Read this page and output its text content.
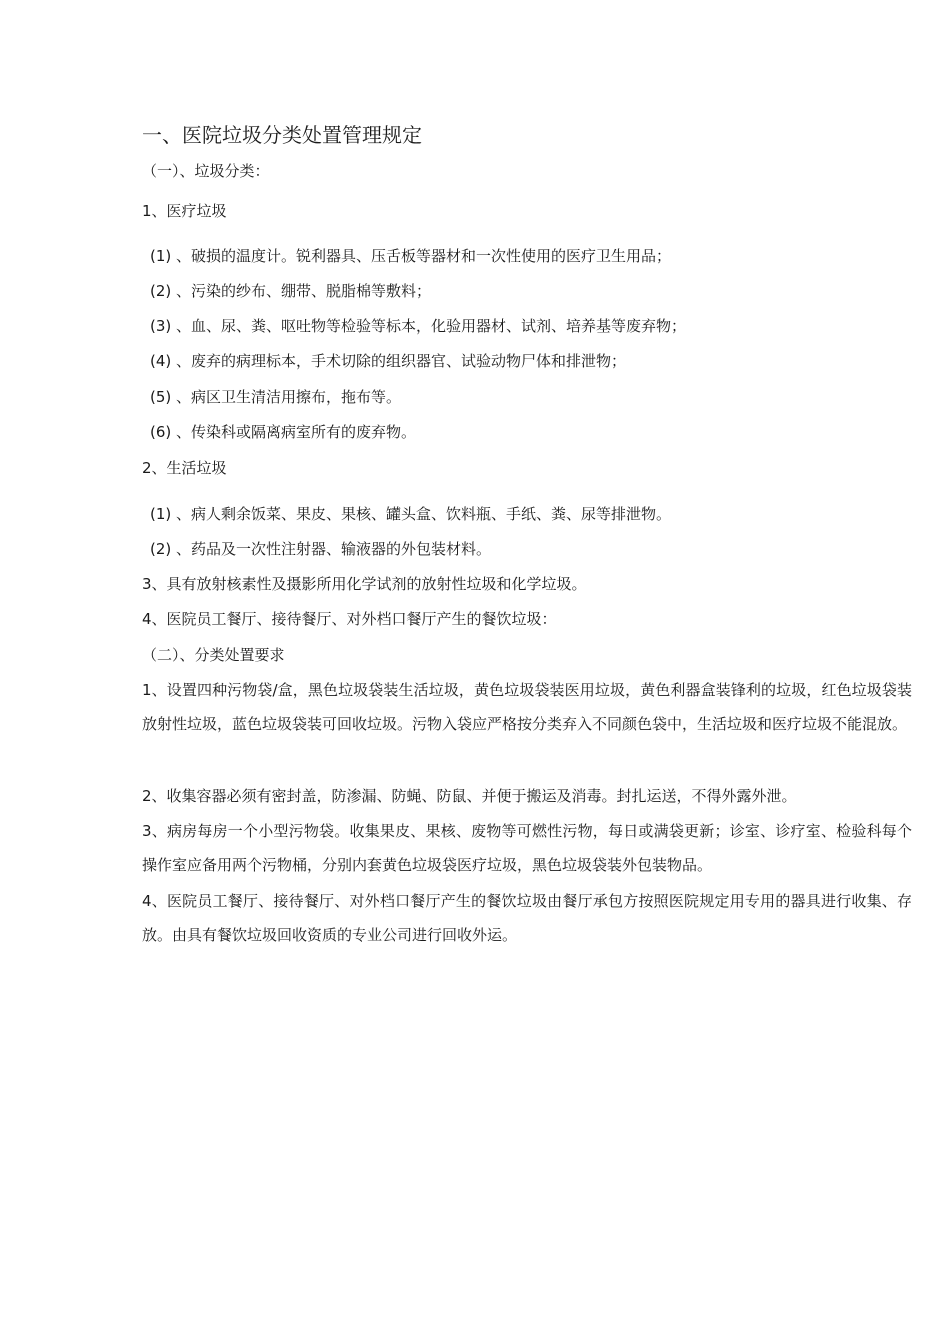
一、医院垃圾分类处置管理规定
（一）、垃圾分类：
1、医疗垃圾
(1) 、破损的温度计。锐利器具、压舌板等器材和一次性使用的医疗卫生用品；
(2) 、污染的纱布、绷带、脱脂棉等敷料；
(3) 、血、尿、粪、呕吐物等检验等标本，化验用器材、试剂、培养基等废弃物；
(4) 、废弃的病理标本，手术切除的组织器官、试验动物尸体和排泄物；
(5) 、病区卫生清洁用擦布，拖布等。
(6) 、传染科或隔离病室所有的废弃物。
2、生活垃圾
(1) 、病人剩余饭菜、果皮、果核、罐头盒、饮料瓶、手纸、粪、尿等排泄物。
(2) 、药品及一次性注射器、输液器的外包装材料。
3、具有放射核素性及摄影所用化学试剂的放射性垃圾和化学垃圾。
4、医院员工餐厅、接待餐厅、对外档口餐厅产生的餐饮垃圾：
（二）、分类处置要求
1、设置四种污物袋/盒，黑色垃圾袋装生活垃圾，黄色垃圾袋装医用垃圾，黄色利器盒装锋利的垃圾，红色垃圾袋装放射性垃圾，蓝色垃圾袋装可回收垃圾。污物入袋应严格按分类弃入不同颜色袋中，生活垃圾和医疗垃圾不能混放。
2、收集容器必须有密封盖，防渗漏、防蝇、防鼠、并便于搬运及消毒。封扎运送，不得外露外泄。
3、病房每房一个小型污物袋。收集果皮、果核、废物等可燃性污物，每日或满袋更新；诊室、诊疗室、检验科每个操作室应备用两个污物桶，分别内套黄色垃圾袋医疗垃圾，黑色垃圾袋装外包装物品。
4、医院员工餐厅、接待餐厅、对外档口餐厅产生的餐饮垃圾由餐厅承包方按照医院规定用专用的器具进行收集、存放。由具有餐饮垃圾回收资质的专业公司进行回收外运。
